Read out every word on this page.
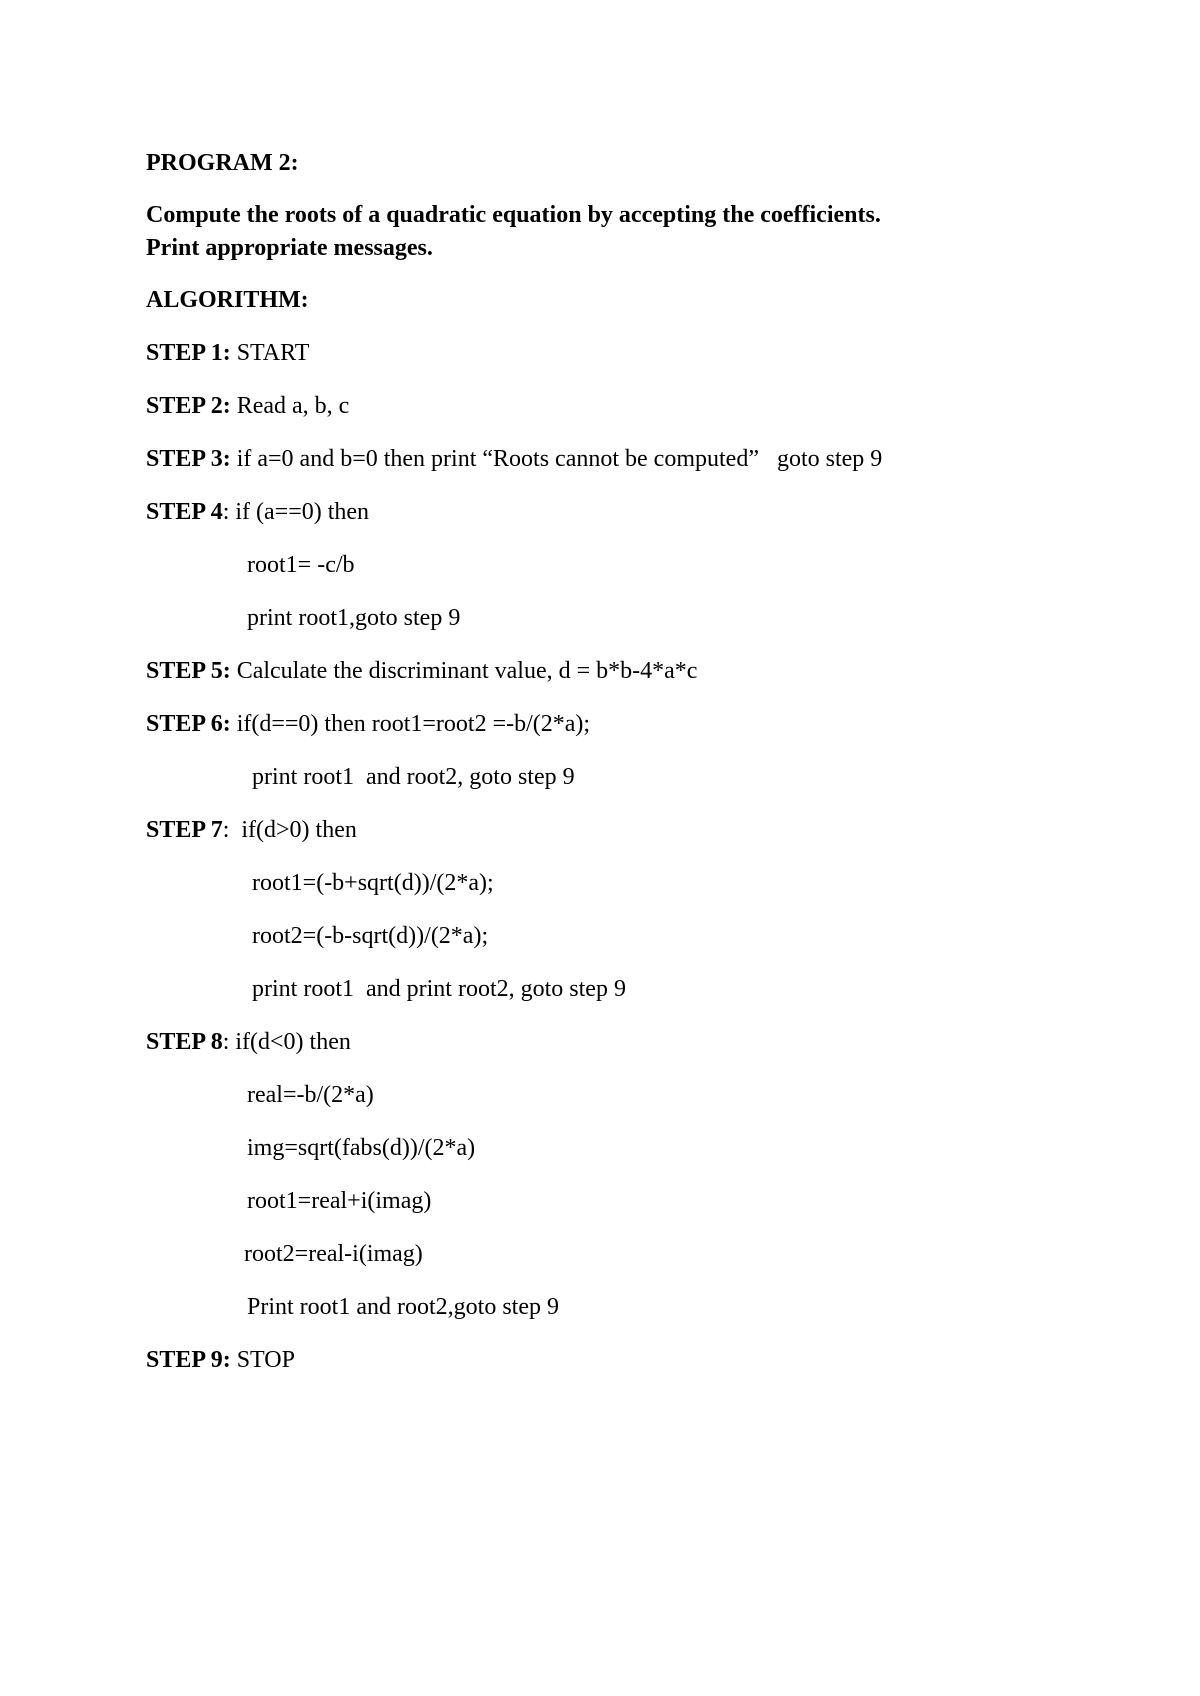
PROGRAM 2:
Compute the roots of a quadratic equation by accepting the coefficients.
Print appropriate messages.
ALGORITHM:
STEP 1: START
STEP 2: Read a, b, c
STEP 3: if a=0 and b=0 then print “Roots cannot be computed”   goto step 9
STEP 4: if (a==0) then
root1= -c/b
print root1,goto step 9
STEP 5: Calculate the discriminant value, d = b*b-4*a*c
STEP 6: if(d==0) then root1=root2 =-b/(2*a);
print root1  and root2, goto step 9
STEP 7:  if(d>0) then
root1=(-b+sqrt(d))/(2*a);
root2=(-b-sqrt(d))/(2*a);
print root1  and print root2, goto step 9
STEP 8: if(d<0) then
real=-b/(2*a)
img=sqrt(fabs(d))/(2*a)
root1=real+i(imag)
root2=real-i(imag)
Print root1 and root2,goto step 9
STEP 9: STOP
